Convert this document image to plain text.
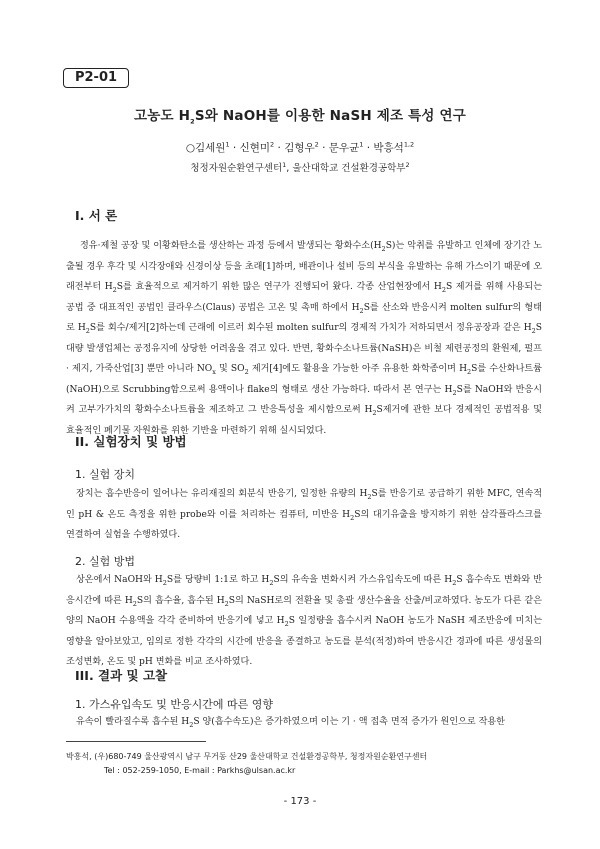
P2-01
고농도 $H_2S$와 NaOH를 이용한 NaSH 제조 특성 연구
○김세원$^1$ · 신현미$^2$ · 김형우$^2$ · 문우균$^1$ · 박흥석$^{1,2}$
청정자원순환연구센터$^1$, 울산대학교 건설환경공학부$^2$
I. 서 론

정유·제철 공장 및 이황화탄소를 생산하는 과정 등에서 발생되는 황화수소$(H_2S)$는 악취를 유발하고 인체에 장기간 노출될 경우 후각 및 시각장애와 신경이상 등을 초래[1]하며, 배관이나 설비 등의 부식을 유발하는 유해 가스이기 때문에 오래전부터 $H_2S$를 효율적으로 제거하기 위한 많은 연구가 진행되어 왔다. 각종 산업현장에서 $H_2S$ 제거를 위해 사용되는 공법 중 대표적인 공법인 클라우스(Claus) 공법은 고온 및 촉매 하에서 $H_2S$를 산소와 반응시켜 molten sulfur의 형태로 $H_2S$를 회수/제거[2]하는데 근래에 이르러 회수된 molten sulfur의 경제적 가치가 저하되면서 정유공장과 같은 $H_2S$ 대량 발생업체는 공정유지에 상당한 어려움을 겪고 있다. 반면, 황화수소나트륨(NaSH)은 비철 제련공정의 환원제, 펄프 · 제지, 가죽산업[3] 뿐만 아니라 $NO_x$ 및 $SO_2$ 제거[4]에도 활용을 가능한 아주 유용한 화학종이며 $H_2S$를 수산화나트륨(NaOH)으로 Scrubbing함으로써 용액이나 flake의 형태로 생산 가능하다. 따라서 본 연구는 $H_2S$를 NaOH와 반응시켜 고부가가치의 황화수소나트륨을 제조하고 그 반응특성을 제시함으로써 $H_2S$제거에 관한 보다 경제적인 공법적용 및 효율적인 폐기물 자원화를 위한 기반을 마련하기 위해 실시되었다.

II. 실험장치 및 방법
1. 실험 장치

장치는 흡수반응이 일어나는 유리재질의 회분식 반응기, 일정한 유량의 $H_2S$를 반응기로 공급하기 위한 MFC, 연속적인 pH & 온도 측정을 위한 probe와 이를 처리하는 컴퓨터, 미반응 $H_2S$의 대기유출을 방지하기 위한 삼각플라스크를 연결하여 실험을 수행하였다.

2. 실험 방법

상온에서 NaOH와 $H_2S$를 당량비 1:1로 하고 $H_2S$의 유속을 변화시켜 가스유입속도에 따른 $H_2S$ 흡수속도 변화와 반응시간에 따른 $H_2S$의 흡수율, 흡수된 $H_2S$의 NaSH로의 전환율 및 총괄 생산수율을 산출/비교하였다. 농도가 다른 같은 양의 NaOH 수용액을 각각 준비하여 반응기에 넣고 $H_2S$ 일정량을 흡수시켜 NaOH 농도가 NaSH 제조반응에 미치는 영향을 알아보았고, 임의로 정한 각각의 시간에 반응을 종결하고 농도를 분석(적정)하여 반응시간 경과에 따른 생성물의 조성변화, 온도 및 pH 변화를 비교 조사하였다.

III. 결과 및 고찰
1. 가스유입속도 및 반응시간에 따른 영향

유속이 빨라질수록 흡수된 $H_2S$ 양(흡수속도)은 증가하였으며 이는 기 · 액 접촉 면적 증가가 원인으로 작용한

박흥석, (우)680-749 울산광역시 남구 무거동 산29 울산대학교 건설환경공학부, 청정자원순환연구센터
Tel : 052-259-1050, E-mail : Parkhs@ulsan.ac.kr
- 173 -
